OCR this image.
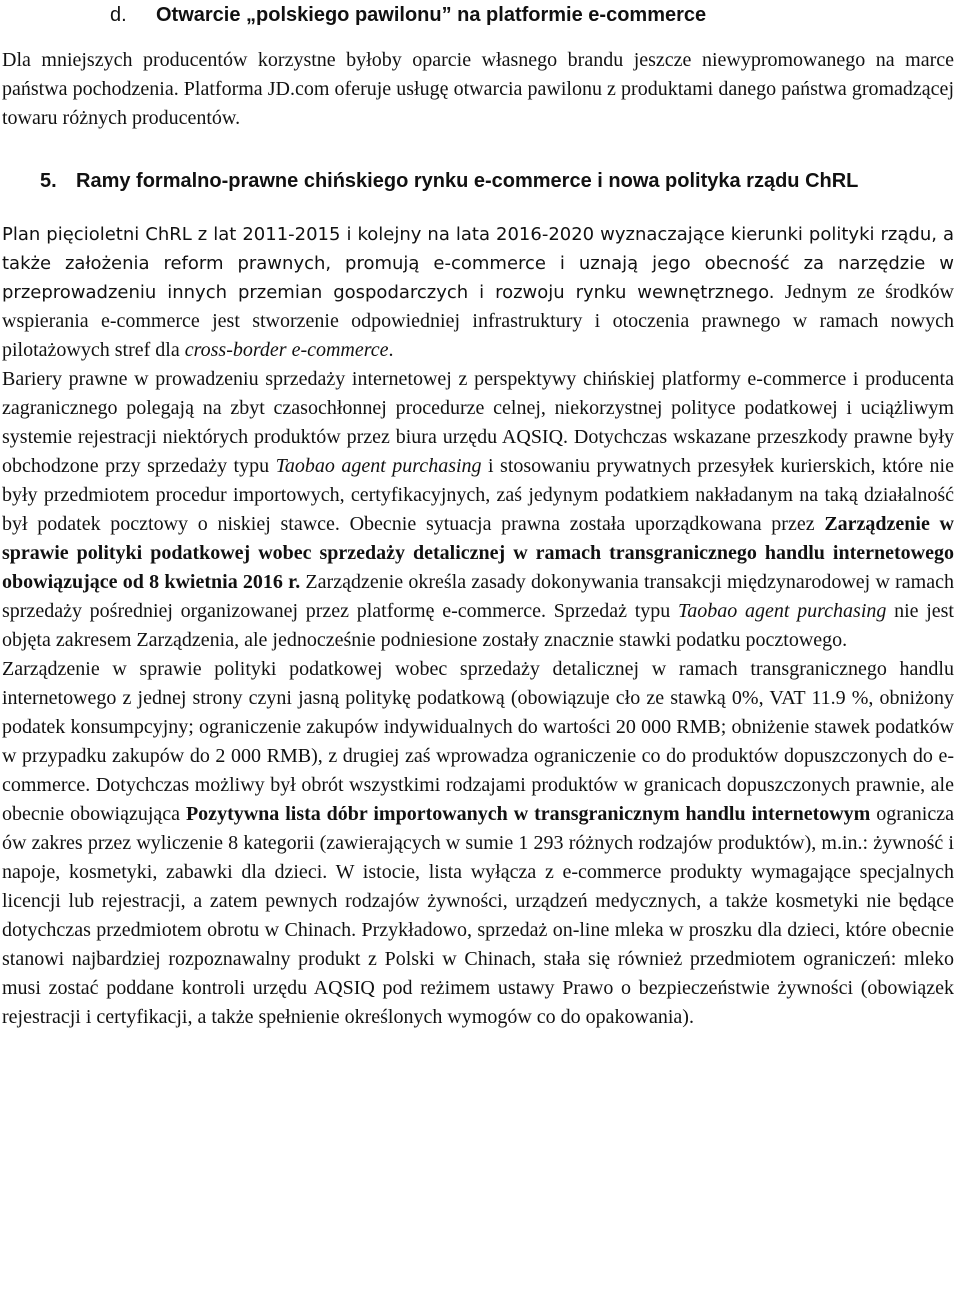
d. Otwarcie „polskiego pawilonu” na platformie e-commerce

Dla mniejszych producentów korzystne byłoby oparcie własnego brandu jeszcze niewypromowanego na marce państwa pochodzenia. Platforma JD.com oferuje usługę otwarcia pawilonu z produktami danego państwa gromadzącej towaru różnych producentów.

5. Ramy formalno-prawne chińskiego rynku e-commerce i nowa polityka rządu ChRL

Plan pięcioletni ChRL z lat 2011-2015 i kolejny na lata 2016-2020 wyznaczające kierunki polityki rządu, a także założenia reform prawnych, promują e-commerce i uznają jego obecność za narzędzie w przeprowadzeniu innych przemian gospodarczych i rozwoju rynku wewnętrznego. Jednym ze środków wspierania e-commerce jest stworzenie odpowiedniej infrastruktury i otoczenia prawnego w ramach nowych pilotażowych stref dla cross-border e-commerce.

Bariery prawne w prowadzeniu sprzedaży internetowej z perspektywy chińskiej platformy e-commerce i producenta zagranicznego polegają na zbyt czasochłonnej procedurze celnej, niekorzystnej polityce podatkowej i uciążliwym systemie rejestracji niektórych produktów przez biura urzędu AQSIQ. Dotychczas wskazane przeszkody prawne były obchodzone przy sprzedaży typu Taobao agent purchasing i stosowaniu prywatnych przesyłek kurierskich, które nie były przedmiotem procedur importowych, certyfikacyjnych, zaś jedynym podatkiem nakładanym na taką działalność był podatek pocztowy o niskiej stawce. Obecnie sytuacja prawna została uporządkowana przez Zarządzenie w sprawie polityki podatkowej wobec sprzedaży detalicznej w ramach transgranicznego handlu internetowego obowiązujące od 8 kwietnia 2016 r. Zarządzenie określa zasady dokonywania transakcji międzynarodowej w ramach sprzedaży pośredniej organizowanej przez platformę e-commerce. Sprzedaż typu Taobao agent purchasing nie jest objęta zakresem Zarządzenia, ale jednocześnie podniesione zostały znacznie stawki podatku pocztowego.

Zarządzenie w sprawie polityki podatkowej wobec sprzedaży detalicznej w ramach transgranicznego handlu internetowego z jednej strony czyni jasną politykę podatkową (obowiązuje cło ze stawką 0%, VAT 11.9 %, obniżony podatek konsumpcyjny; ograniczenie zakupów indywidualnych do wartości 20 000 RMB; obniżenie stawek podatków w przypadku zakupów do 2 000 RMB), z drugiej zaś wprowadza ograniczenie co do produktów dopuszczonych do e-commerce. Dotychczas możliwy był obrót wszystkimi rodzajami produktów w granicach dopuszczonych prawnie, ale obecnie obowiązująca Pozytywna lista dóbr importowanych w transgranicznym handlu internetowym ogranicza ów zakres przez wyliczenie 8 kategorii (zawierających w sumie 1 293 różnych rodzajów produktów), m.in.: żywność i napoje, kosmetyki, zabawki dla dzieci. W istocie, lista wyłącza z e-commerce produkty wymagające specjalnych licencji lub rejestracji, a zatem pewnych rodzajów żywności, urządzeń medycznych, a także kosmetyki nie będące dotychczas przedmiotem obrotu w Chinach. Przykładowo, sprzedaż on-line mleka w proszku dla dzieci, które obecnie stanowi najbardziej rozpoznawalny produkt z Polski w Chinach, stała się również przedmiotem ograniczeń: mleko musi zostać poddane kontroli urzędu AQSIQ pod reżimem ustawy Prawo o bezpieczeństwie żywności (obowiązek rejestracji i certyfikacji, a także spełnienie określonych wymogów co do opakowania).
